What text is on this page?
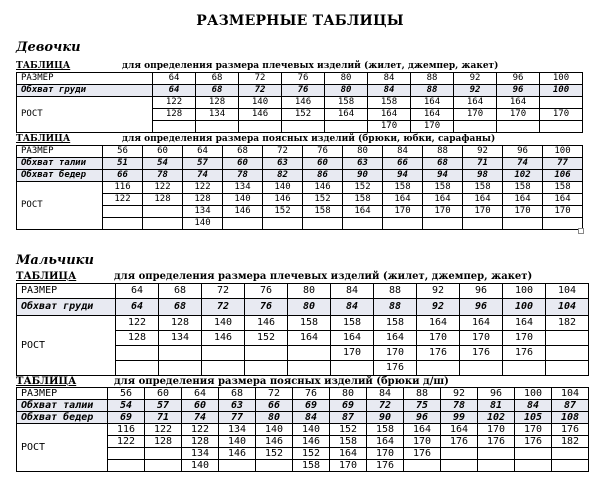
РАЗМЕРНЫЕ ТАБЛИЦЫ
Девочки
ТАБЛИЦА	для определения размера плечевых изделий (жилет, джемпер, жакет)
РАЗМЕР	64	68	72	76	80	84	88	92	96	100
Обхват груди	64	68	72	76	80	84	88	92	96	100
РОСТ	122	128	140	146	158	158	164	164	164	
	128	134	146	152	164	164	164	170	170	170
						170	170			
ТАБЛИЦА	для определения размера поясных изделий (брюки, юбки, сарафаны)
РАЗМЕР	56	60	64	68	72	76	80	84	88	92	96	100
Обхват талии	51	54	57	60	63	60	63	66	68	71	74	77
Обхват бедер	66	78	74	78	82	86	90	94	94	98	102	106
РОСТ	116	122	122	134	140	146	152	158	158	158	158	158
	122	128	128	140	146	152	158	164	164	164	164	164
			134	146	152	158	164	170	170	170	170	170
			140									
Мальчики
ТАБЛИЦА	для определения размера плечевых изделий (жилет, джемпер, жакет)
РАЗМЕР	64	68	72	76	80	84	88	92	96	100	104
Обхват груди	64	68	72	76	80	84	88	92	96	100	104
РОСТ	122	128	140	146	158	158	158	164	164	164	182
	128	134	146	152	164	164	164	170	170	170	
						170	170	176	176	176	
							176				
ТАБЛИЦА	для определения размера поясных изделий (брюки д/ш)
РАЗМЕР	56	60	64	68	72	76	80	84	88	92	96	100	104
Обхват талии	54	57	60	63	66	69	69	72	75	78	81	84	87
Обхват бедер	69	71	74	77	80	84	87	90	96	99	102	105	108
РОСТ	116	122	122	134	140	140	152	158	164	164	170	170	176
	122	128	128	140	146	146	158	164	170	176	176	176	182
			134	146	152	152	164	170	176				
			140			158	170	176					
